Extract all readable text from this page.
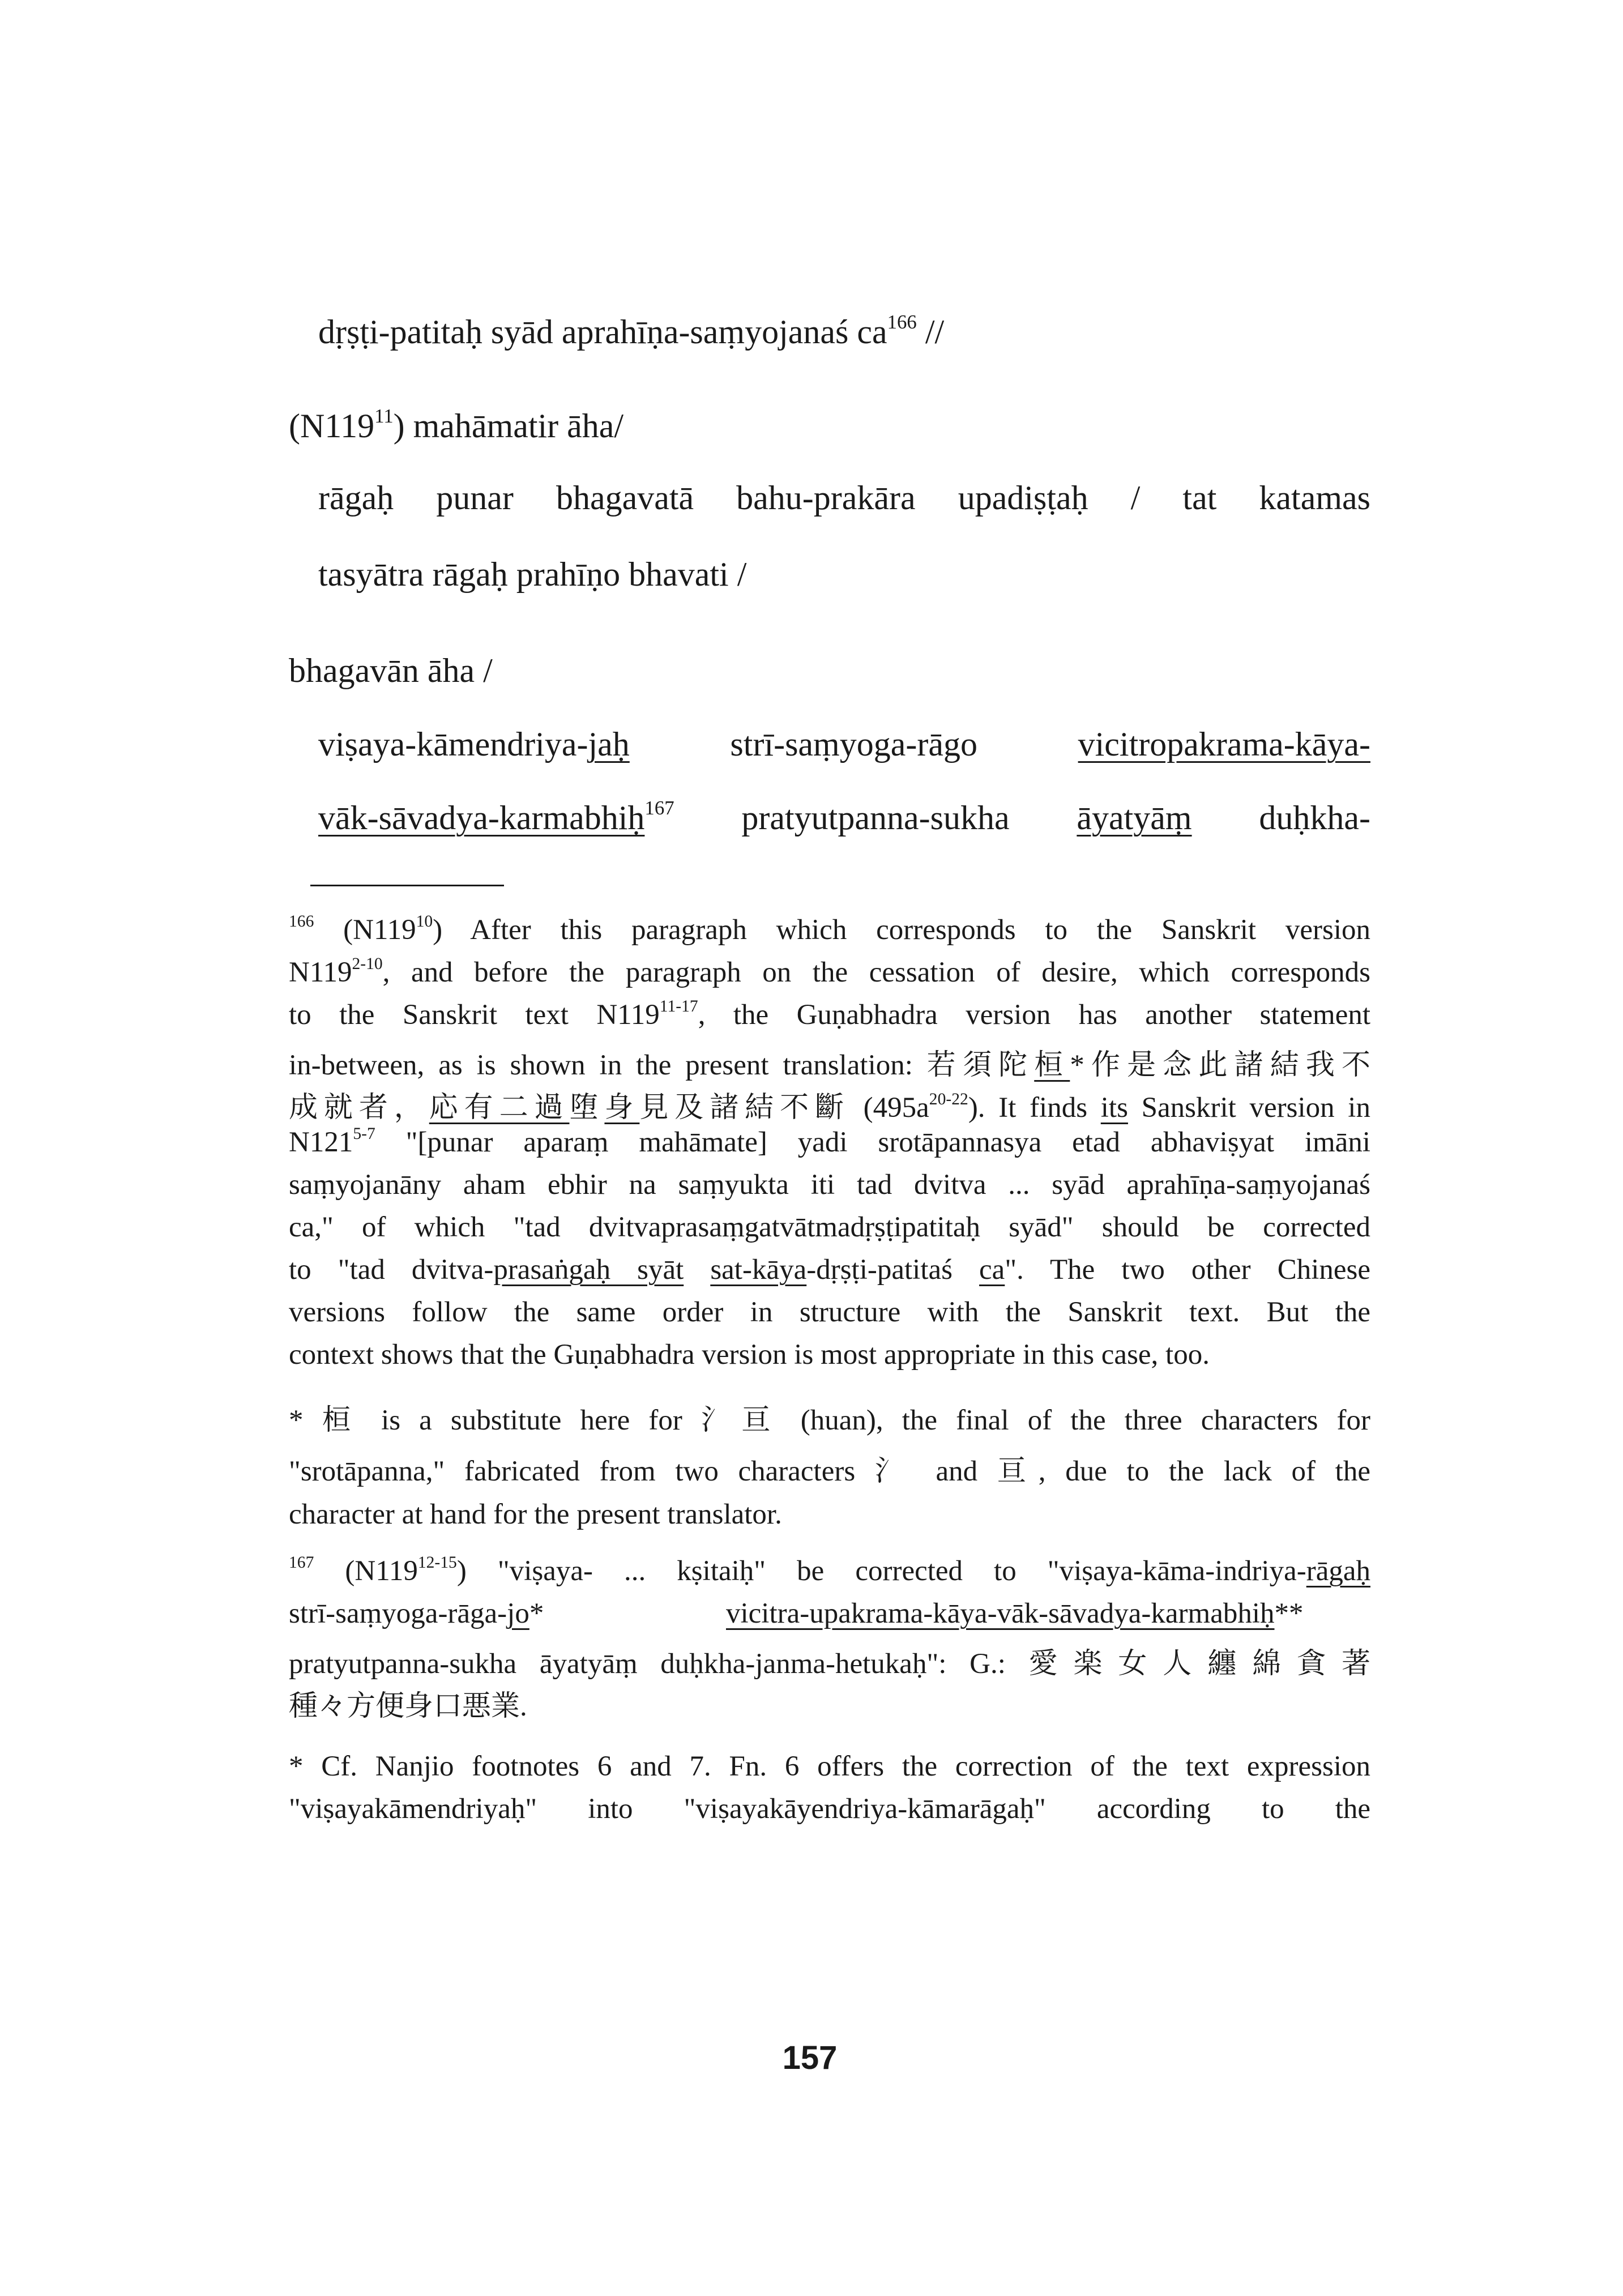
dṛṣṭi-patitaḥ syād aprahīṇa-saṃyojanaś $ca^{166}$ //
$(N119^{11})$ mahāmatir āha/
rāgaḥ punar bhagavatā bahu-prakāra upadiṣṭaḥ / tat katamas
tasyātra rāgaḥ prahīṇo bhavati /
bhagavān āha /
viṣaya-kāmendriya-jaḥ strī-saṃyoga-rāgo vicitropakrama-kāya-
vāk-sāvadya-karmabhiḥ$^{167}$ pratyutpanna-sukha āyatyāṃ duḥkha-
$^{166}$ $(N119^{10})$ After this paragraph which corresponds to the Sanskrit version
N119$^{2-10}$, and before the paragraph on the cessation of desire, which corresponds
to the Sanskrit text N119$^{11-17}$, the Guṇabhadra version has another statement
in-between, as is shown in the present translation: 若須陀桓*作是念此諸結我不
成就者，応有二過堕身見及諸結不斷 $(495a^{20-22})$. It finds its Sanskrit version in
N121$^{5-7}$ "[punar aparaṃ mahāmate] yadi srotāpannasya etad abhaviṣyat imāni
saṃyojanāny aham ebhir na saṃyukta iti tad dvitva ... syād aprahīṇa-saṃyojanaś
ca," of which "tad dvitvaprasaṃgatvātmadṛṣṭipatitaḥ syād" should be corrected
to "tad dvitva-prasaṅgaḥ syāt sat-kāya-dṛṣṭi-patitaś ca". The two other Chinese
versions follow the same order in structure with the Sanskrit text. But the
context shows that the Guṇabhadra version is most appropriate in this case, too.
* 桓 is a substitute here for 氵亘 (huan), the final of the three characters for
"srotāpanna," fabricated from two characters 氵 and 亘, due to the lack of the
character at hand for the present translator.
$^{167}$ (N119$^{12-15}$) "viṣaya- ... kṣitaiḥ" be corrected to "viṣaya-kāma-indriya-rāgaḥ
strī-saṃyoga-rāga-jo*	vicitra-upakrama-kāya-vāk-sāvadya-karmabhiḥ**
pratyutpanna-sukha āyatyāṃ duḥkha-janma-hetukaḥ": G.: 愛楽女人纏綿貪著
種々方便身口悪業.
* Cf. Nanjio footnotes 6 and 7. Fn. 6 offers the correction of the text expression
"viṣayakāmendriyaḥ" into "viṣayakāyendriya-kāmarāgaḥ" according to the
157
